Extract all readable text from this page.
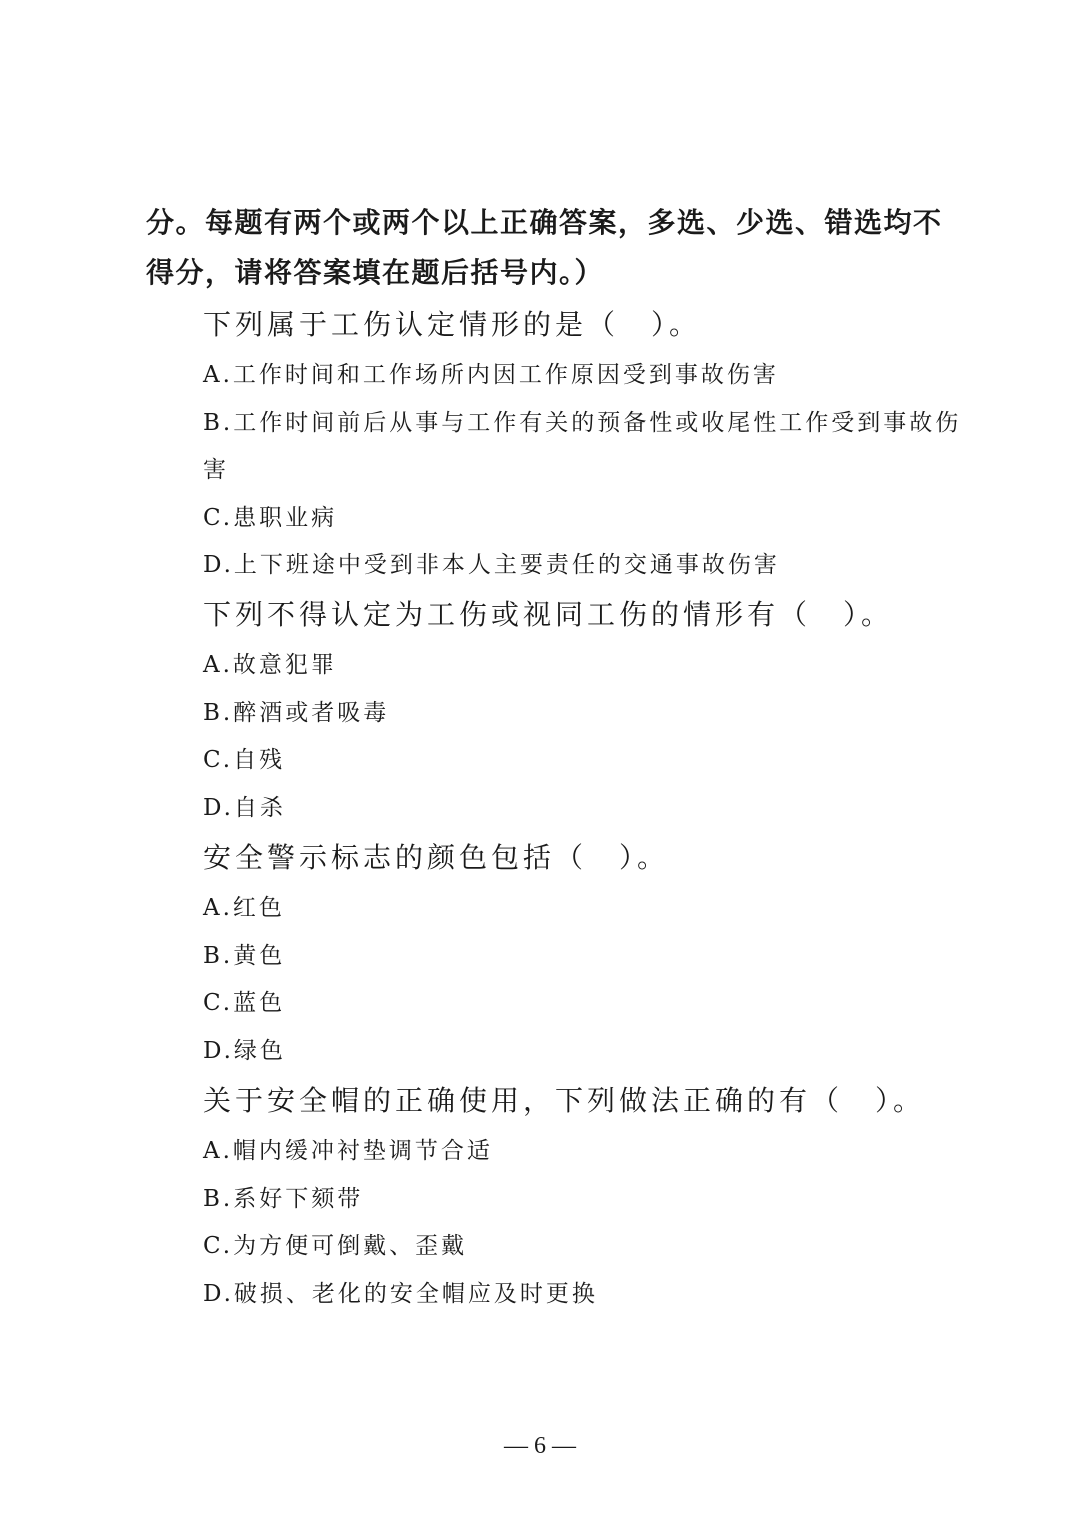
分。每题有两个或两个以上正确答案，多选、少选、错选均不得分，请将答案填在题后括号内。）

下列属于工伤认定情形的是（　）。
A.工作时间和工作场所内因工作原因受到事故伤害
B.工作时间前后从事与工作有关的预备性或收尾性工作受到事故伤害
C.患职业病
D.上下班途中受到非本人主要责任的交通事故伤害
下列不得认定为工伤或视同工伤的情形有（　）。
A.故意犯罪
B.醉酒或者吸毒
C.自残
D.自杀
安全警示标志的颜色包括（　）。
A.红色
B.黄色
C.蓝色
D.绿色
关于安全帽的正确使用，下列做法正确的有（　）。
A.帽内缓冲衬垫调节合适
B.系好下颏带
C.为方便可倒戴、歪戴
D.破损、老化的安全帽应及时更换
— 6 —
